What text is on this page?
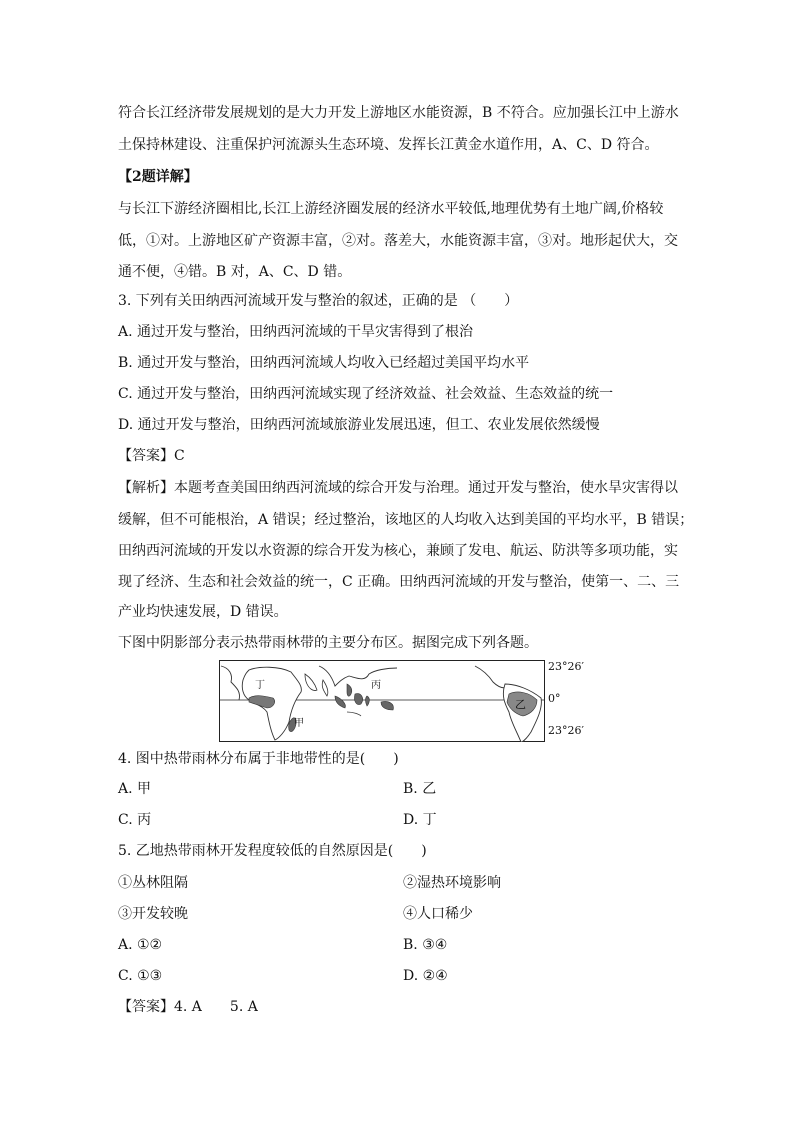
符合长江经济带发展规划的是大力开发上游地区水能资源，B 不符合。应加强长江中上游水
土保持林建设、注重保护河流源头生态环境、发挥长江黄金水道作用，A、C、D 符合。
【2题详解】
与长江下游经济圈相比,长江上游经济圈发展的经济水平较低,地理优势有土地广阔,价格较
低，①对。上游地区矿产资源丰富，②对。落差大，水能资源丰富，③对。地形起伏大，交
通不便，④错。B 对，A、C、D 错。
3. 下列有关田纳西河流域开发与整治的叙述，正确的是 （　　）
A. 通过开发与整治，田纳西河流域的干旱灾害得到了根治
B. 通过开发与整治，田纳西河流域人均收入已经超过美国平均水平
C. 通过开发与整治，田纳西河流域实现了经济效益、社会效益、生态效益的统一
D. 通过开发与整治，田纳西河流域旅游业发展迅速，但工、农业发展依然缓慢
【答案】C
【解析】本题考查美国田纳西河流域的综合开发与治理。通过开发与整治，使水旱灾害得以
缓解，但不可能根治，A 错误；经过整治，该地区的人均收入达到美国的平均水平，B 错误；
田纳西河流域的开发以水资源的综合开发为核心，兼顾了发电、航运、防洪等多项功能，实
现了经济、生态和社会效益的统一，C 正确。田纳西河流域的开发与整治，使第一、二、三
产业均快速发展，D 错误。
下图中阴影部分表示热带雨林带的主要分布区。据图完成下列各题。
丁	丙
乙
甲
23°26′
0°
23°26′
4. 图中热带雨林分布属于非地带性的是(　　)
A. 甲	B. 乙
C. 丙	D. 丁
5. 乙地热带雨林开发程度较低的自然原因是(　　)
①丛林阻隔	②湿热环境影响
③开发较晚	④人口稀少
A. ①②	B. ③④
C. ①③	D. ②④
【答案】4. A　　5. A
